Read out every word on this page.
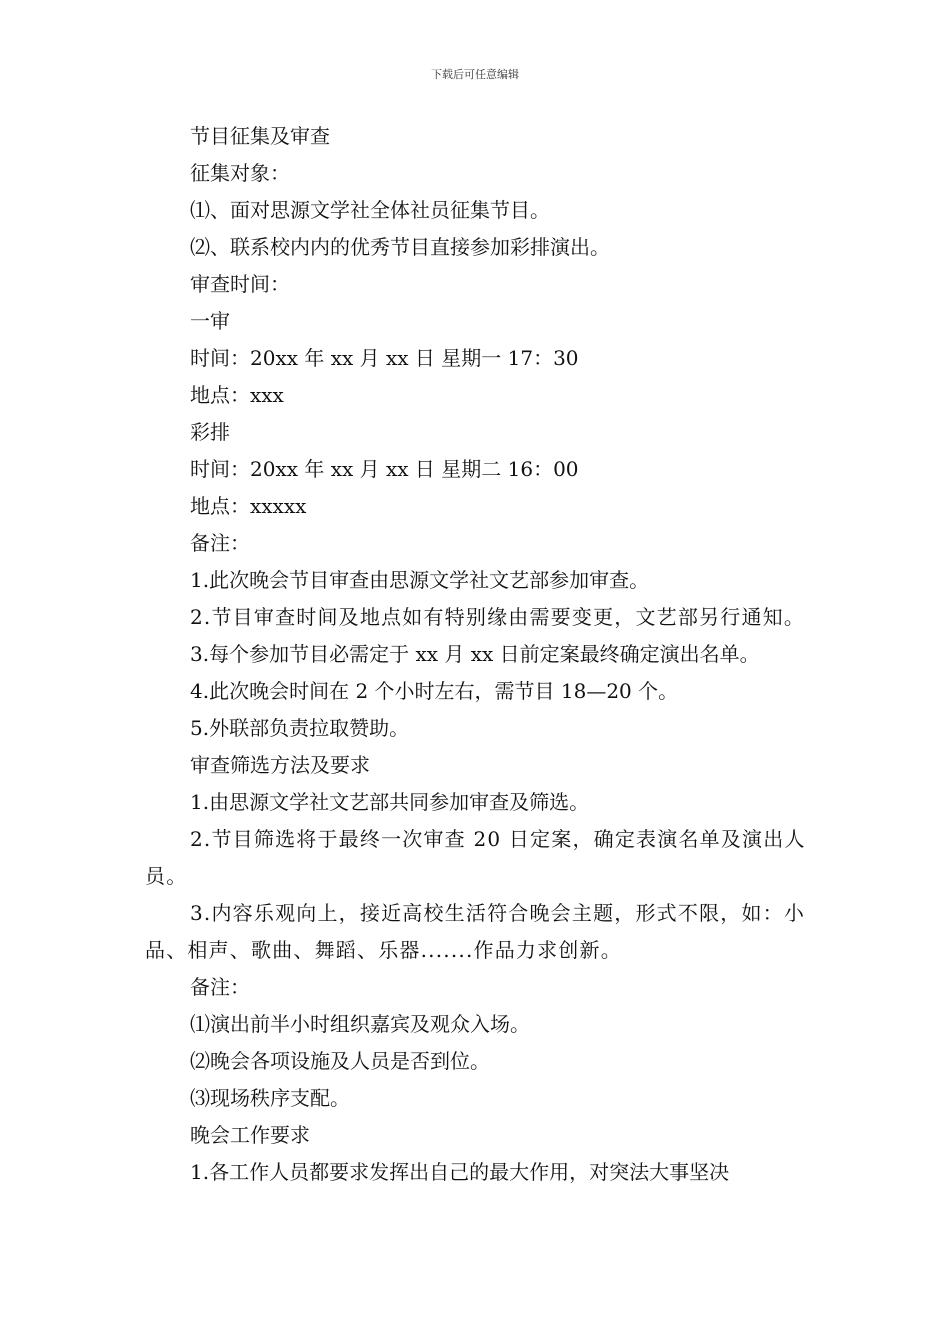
下载后可任意编辑
节目征集及审查
征集对象：
⑴、面对思源文学社全体社员征集节目。
⑵、联系校内内的优秀节目直接参加彩排演出。
审查时间：
一审
时间：20xx 年 xx 月 xx 日 星期一 17：30
地点：xxx
彩排
时间：20xx 年 xx 月 xx 日 星期二 16：00
地点：xxxxx
备注：
1.此次晚会节目审查由思源文学社文艺部参加审查。
2.节目审查时间及地点如有特别缘由需要变更，文艺部另行通知。
3.每个参加节目必需定于 xx 月 xx 日前定案最终确定演出名单。
4.此次晚会时间在 2 个小时左右，需节目 18—20 个。
5.外联部负责拉取赞助。
审查筛选方法及要求
1.由思源文学社文艺部共同参加审查及筛选。
2.节目筛选将于最终一次审查 20 日定案，确定表演名单及演出人员。
3.内容乐观向上，接近高校生活符合晚会主题，形式不限，如：小品、相声、歌曲、舞蹈、乐器.......作品力求创新。
备注：
⑴演出前半小时组织嘉宾及观众入场。
⑵晚会各项设施及人员是否到位。
⑶现场秩序支配。
晚会工作要求
1.各工作人员都要求发挥出自己的最大作用，对突法大事坚决
